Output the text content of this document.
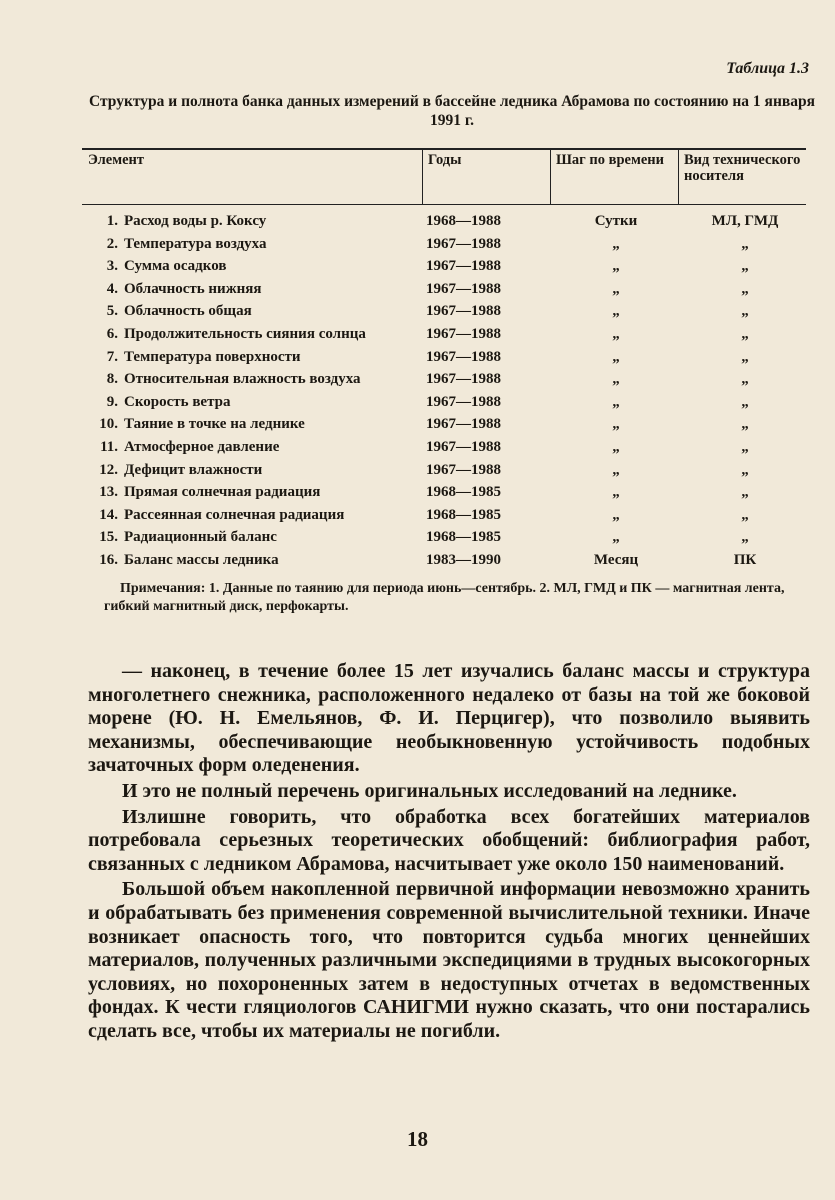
Таблица 1.3
Структура и полнота банка данных измерений в бассейне ледника Абрамова по состоянию на 1 января 1991 г.
Элемент	Годы	Шаг по времени	Вид технического носителя
1. Расход воды р. Коксу	1968—1988	Сутки	МЛ, ГМД
2. Температура воздуха	1967—1988	„	„
3. Сумма осадков	1967—1988	„	„
4. Облачность нижняя	1967—1988	„	„
5. Облачность общая	1967—1988	„	„
6. Продолжительность сияния солнца	1967—1988	„	„
7. Температура поверхности	1967—1988	„	„
8. Относительная влажность воздуха	1967—1988	„	„
9. Скорость ветра	1967—1988	„	„
10. Таяние в точке на леднике	1967—1988	„	„
11. Атмосферное давление	1967—1988	„	„
12. Дефицит влажности	1967—1988	„	„
13. Прямая солнечная радиация	1968—1985	„	„
14. Рассеянная солнечная радиация	1968—1985	„	„
15. Радиационный баланс	1968—1985	„	„
16. Баланс массы ледника	1983—1990	Месяц	ПК
Примечания: 1. Данные по таянию для периода июнь—сентябрь. 2. МЛ, ГМД и ПК — магнитная лента, гибкий магнитный диск, перфокарты.

— наконец, в течение более 15 лет изучались баланс массы и структура многолетнего снежника, расположенного недалеко от базы на той же боковой морене (Ю. Н. Емельянов, Ф. И. Перцигер), что позволило выявить механизмы, обеспечивающие необыкновенную устойчивость подобных зачаточных форм оледенения.

И это не полный перечень оригинальных исследований на леднике.

Излишне говорить, что обработка всех богатейших материалов потребовала серьезных теоретических обобщений: библиография работ, связанных с ледником Абрамова, насчитывает уже около 150 наименований.

Большой объем накопленной первичной информации невозможно хранить и обрабатывать без применения современной вычислительной техники. Иначе возникает опасность того, что повторится судьба многих ценнейших материалов, полученных различными экспедициями в трудных высокогорных условиях, но похороненных затем в недоступных отчетах в ведомственных фондах. К чести гляциологов САНИГМИ нужно сказать, что они постарались сделать все, чтобы их материалы не погибли.

18
